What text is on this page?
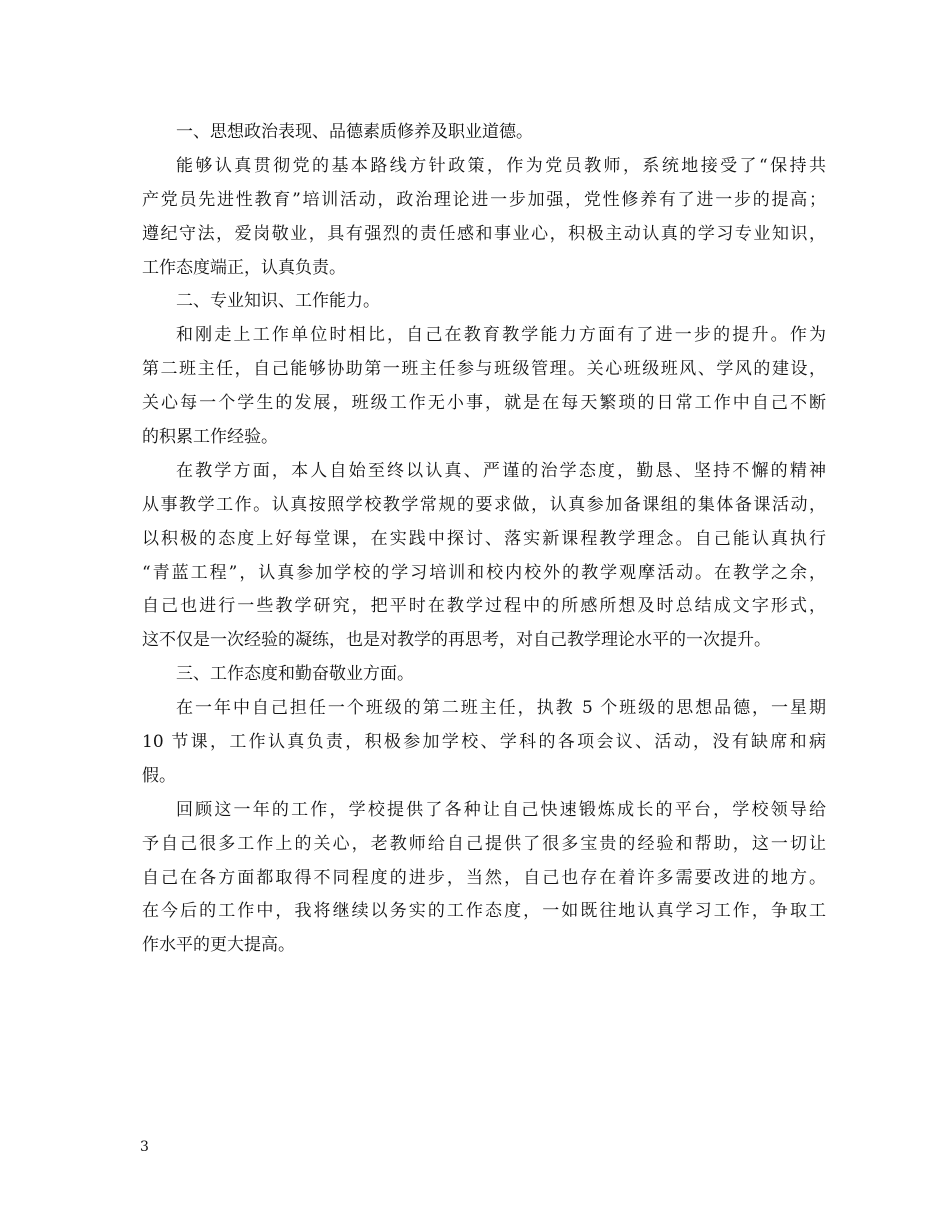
一、思想政治表现、品德素质修养及职业道德。
能够认真贯彻党的基本路线方针政策，作为党员教师，系统地接受了“保持共
产党员先进性教育”培训活动，政治理论进一步加强，党性修养有了进一步的提高；
遵纪守法，爱岗敬业，具有强烈的责任感和事业心，积极主动认真的学习专业知识，
工作态度端正，认真负责。
二、专业知识、工作能力。
和刚走上工作单位时相比，自己在教育教学能力方面有了进一步的提升。作为
第二班主任，自己能够协助第一班主任参与班级管理。关心班级班风、学风的建设，
关心每一个学生的发展，班级工作无小事，就是在每天繁琐的日常工作中自己不断
的积累工作经验。
在教学方面，本人自始至终以认真、严谨的治学态度，勤恳、坚持不懈的精神
从事教学工作。认真按照学校教学常规的要求做，认真参加备课组的集体备课活动，
以积极的态度上好每堂课，在实践中探讨、落实新课程教学理念。自己能认真执行
“青蓝工程”，认真参加学校的学习培训和校内校外的教学观摩活动。在教学之余，
自己也进行一些教学研究，把平时在教学过程中的所感所想及时总结成文字形式，
这不仅是一次经验的凝练，也是对教学的再思考，对自己教学理论水平的一次提升。
三、工作态度和勤奋敬业方面。
在一年中自己担任一个班级的第二班主任，执教 5 个班级的思想品德，一星期
10 节课，工作认真负责，积极参加学校、学科的各项会议、活动，没有缺席和病
假。
回顾这一年的工作，学校提供了各种让自己快速锻炼成长的平台，学校领导给
予自己很多工作上的关心，老教师给自己提供了很多宝贵的经验和帮助，这一切让
自己在各方面都取得不同程度的进步，当然，自己也存在着许多需要改进的地方。
在今后的工作中，我将继续以务实的工作态度，一如既往地认真学习工作，争取工
作水平的更大提高。
3
